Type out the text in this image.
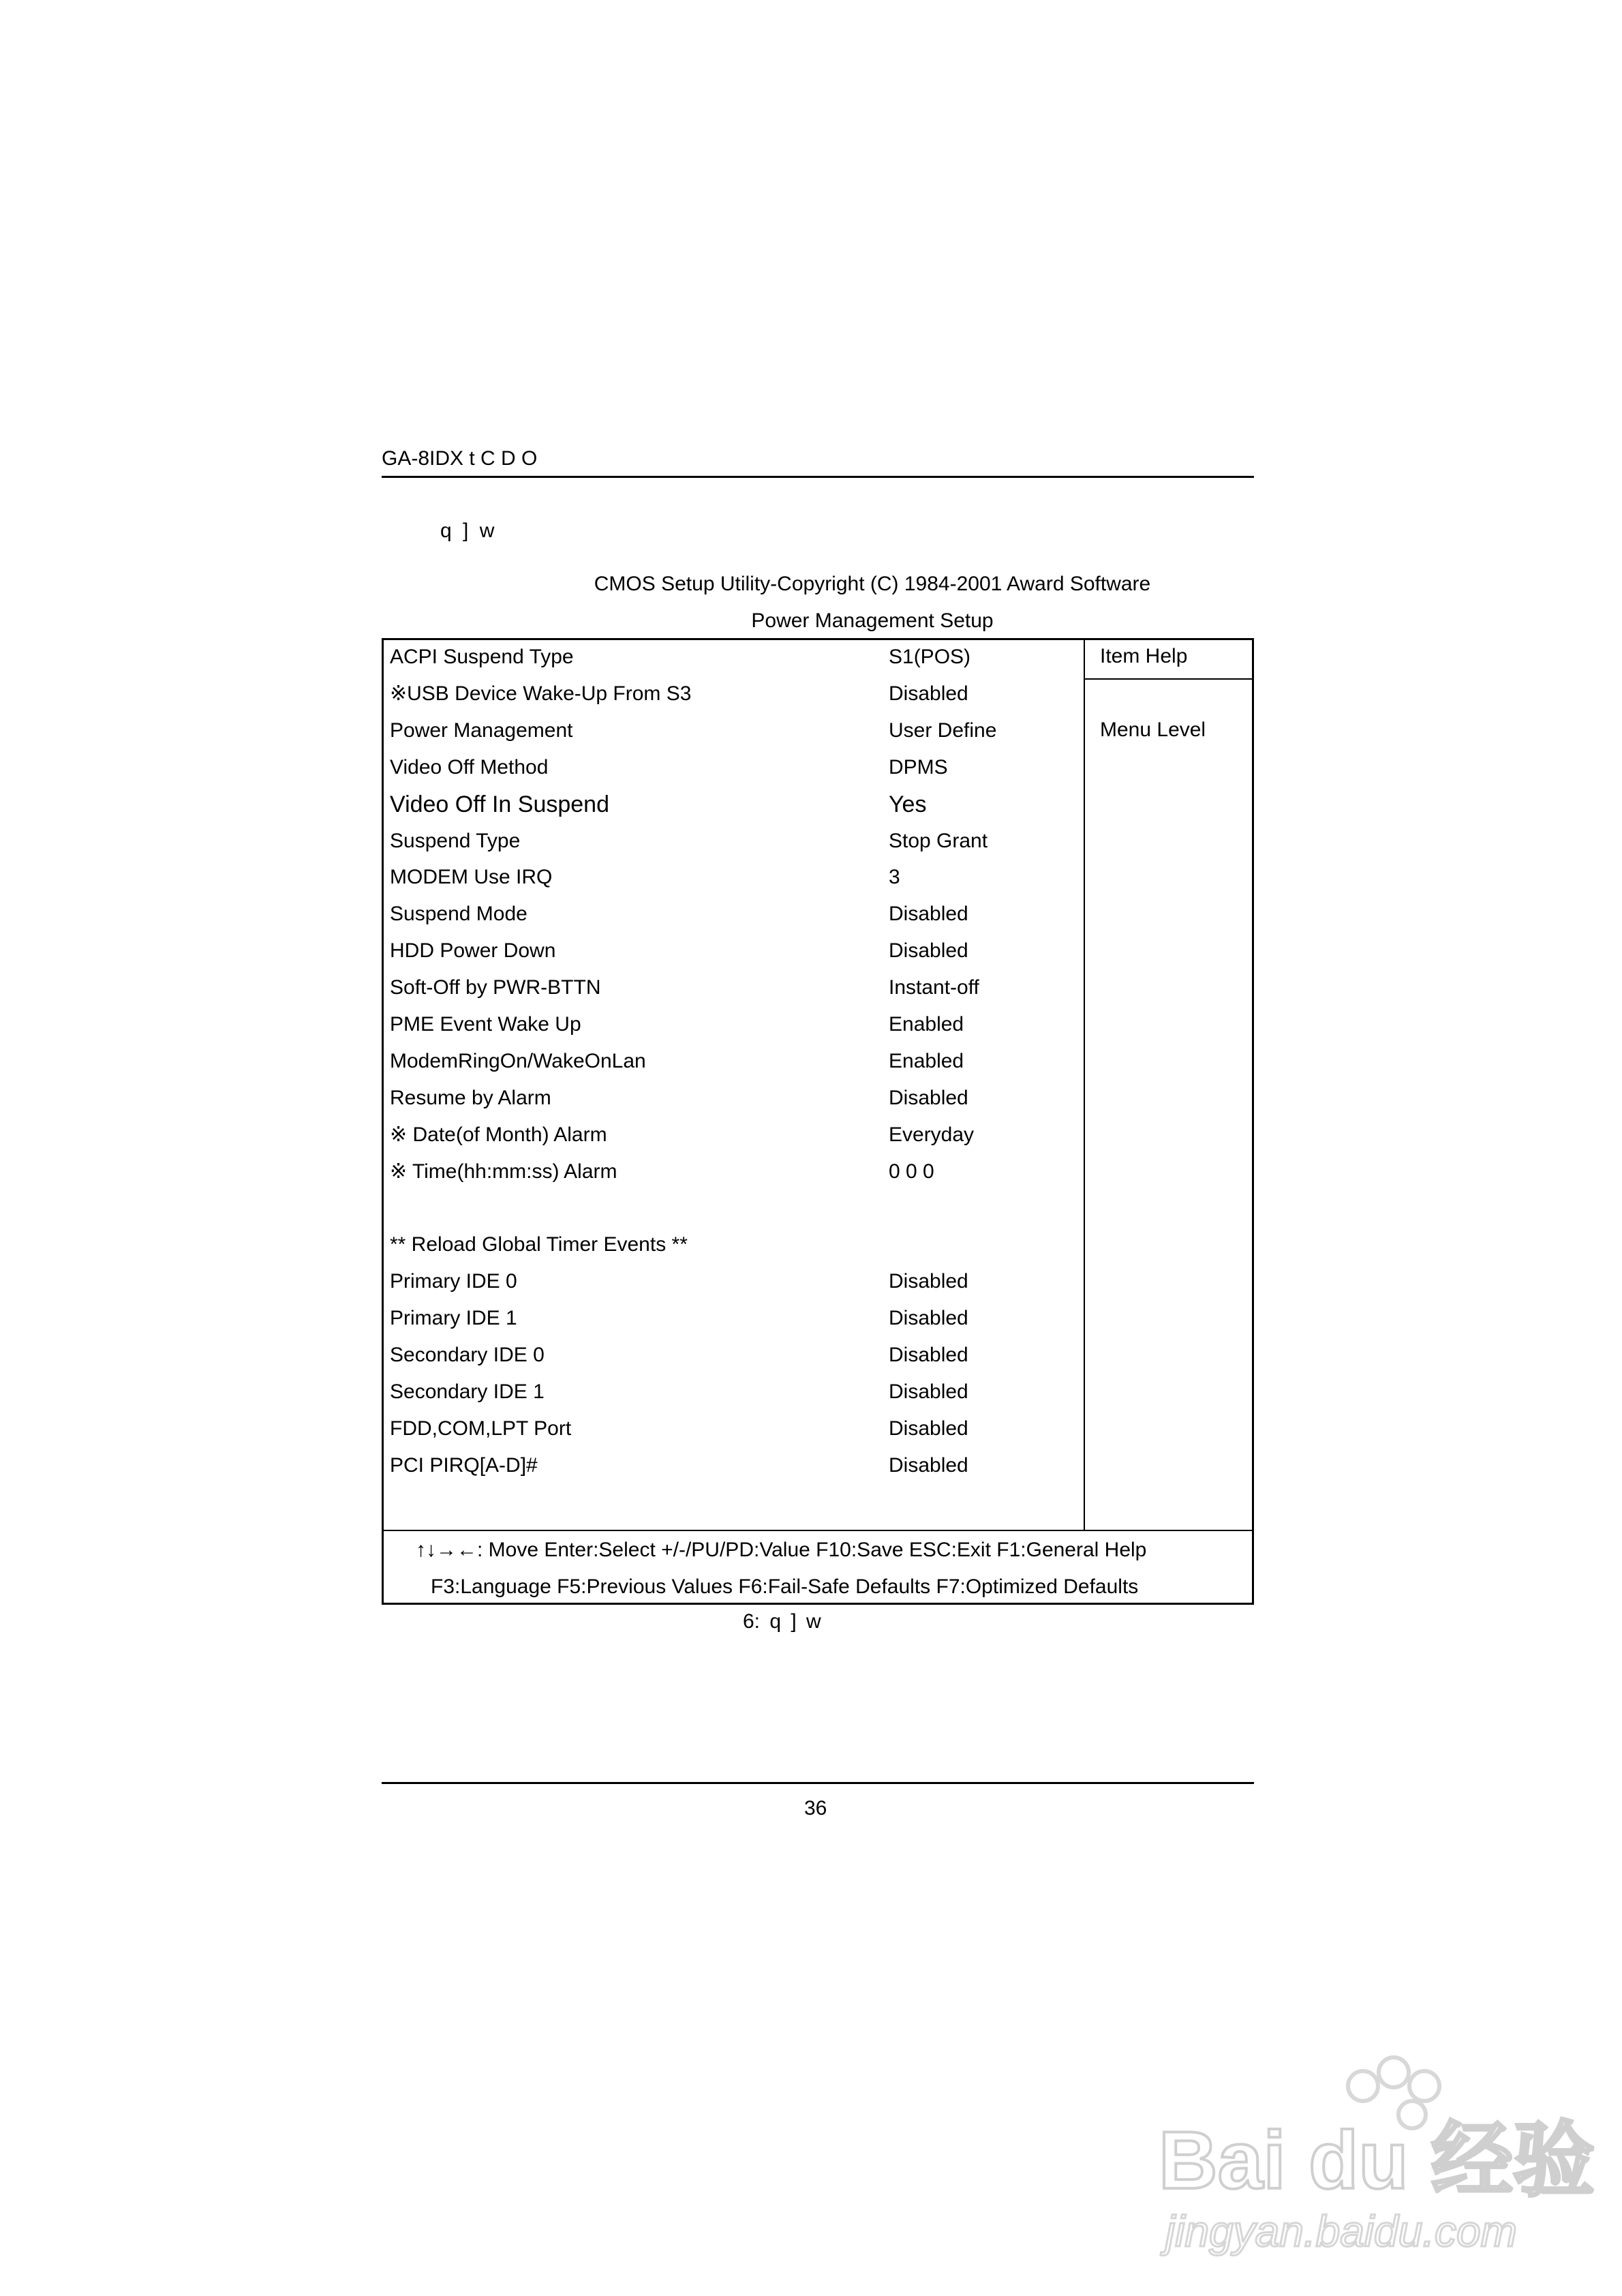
GA-8IDX t C D O
q ] w
CMOS Setup Utility-Copyright (C) 1984-2001 Award Software
Power Management Setup
ACPI Suspend Type	S1(POS)
※USB Device Wake-Up From S3	Disabled
Power Management	User Define
Video Off Method	DPMS
Video Off In Suspend	Yes
Suspend Type	Stop Grant
MODEM Use IRQ	3
Suspend Mode	Disabled
HDD Power Down	Disabled
Soft-Off by PWR-BTTN	Instant-off
PME Event Wake Up	Enabled
ModemRingOn/WakeOnLan	Enabled
Resume by Alarm	Disabled
※ Date(of Month) Alarm	Everyday
※ Time(hh:mm:ss) Alarm	0 0 0
** Reload Global Timer Events **
Primary IDE 0	Disabled
Primary IDE 1	Disabled
Secondary IDE 0	Disabled
Secondary IDE 1	Disabled
FDD,COM,LPT Port	Disabled
PCI PIRQ[A-D]#	Disabled
Item Help
Menu Level
↑↓→←: Move Enter:Select +/-/PU/PD:Value F10:Save ESC:Exit F1:General Help
F3:Language F5:Previous Values F6:Fail-Safe Defaults F7:Optimized Defaults
6: q ] w
36
Bai du 经验
jingyan.baidu.com
